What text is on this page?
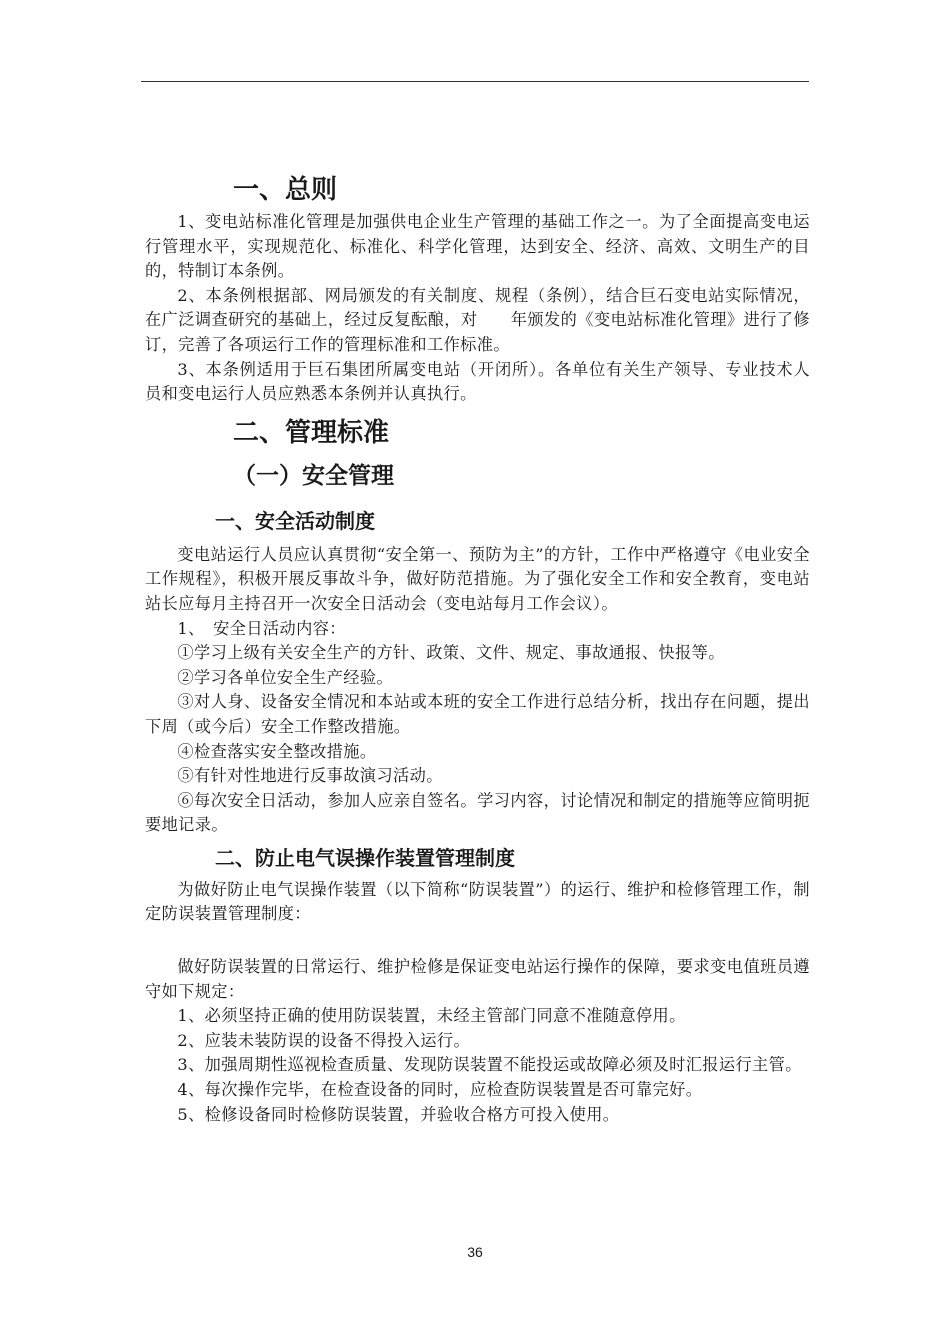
一、总则

1、变电站标准化管理是加强供电企业生产管理的基础工作之一。为了全面提高变电运行管理水平，实现规范化、标准化、科学化管理，达到安全、经济、高效、文明生产的目的，特制订本条例。

2、本条例根据部、网局颁发的有关制度、规程（条例），结合巨石变电站实际情况，在广泛调查研究的基础上，经过反复酝酿，对　　年颁发的《变电站标准化管理》进行了修订，完善了各项运行工作的管理标准和工作标准。

3、本条例适用于巨石集团所属变电站（开闭所）。各单位有关生产领导、专业技术人员和变电运行人员应熟悉本条例并认真执行。

二、管理标准
（一）安全管理
一、安全活动制度

变电站运行人员应认真贯彻“安全第一、预防为主”的方针，工作中严格遵守《电业安全工作规程》，积极开展反事故斗争，做好防范措施。为了强化安全工作和安全教育，变电站站长应每月主持召开一次安全日活动会（变电站每月工作会议）。

1、　安全日活动内容：

①学习上级有关安全生产的方针、政策、文件、规定、事故通报、快报等。

②学习各单位安全生产经验。

③对人身、设备安全情况和本站或本班的安全工作进行总结分析，找出存在问题，提出下周（或今后）安全工作整改措施。

④检查落实安全整改措施。

⑤有针对性地进行反事故演习活动。

⑥每次安全日活动，参加人应亲自签名。学习内容，讨论情况和制定的措施等应简明扼要地记录。

二、防止电气误操作装置管理制度

为做好防止电气误操作装置（以下简称“防误装置”）的运行、维护和检修管理工作，制定防误装置管理制度：

做好防误装置的日常运行、维护检修是保证变电站运行操作的保障，要求变电值班员遵守如下规定：

1、必须坚持正确的使用防误装置，未经主管部门同意不准随意停用。

2、应装未装防误的设备不得投入运行。

3、加强周期性巡视检查质量、发现防误装置不能投运或故障必须及时汇报运行主管。

4、每次操作完毕，在检查设备的同时，应检查防误装置是否可靠完好。

5、检修设备同时检修防误装置，并验收合格方可投入使用。

36
